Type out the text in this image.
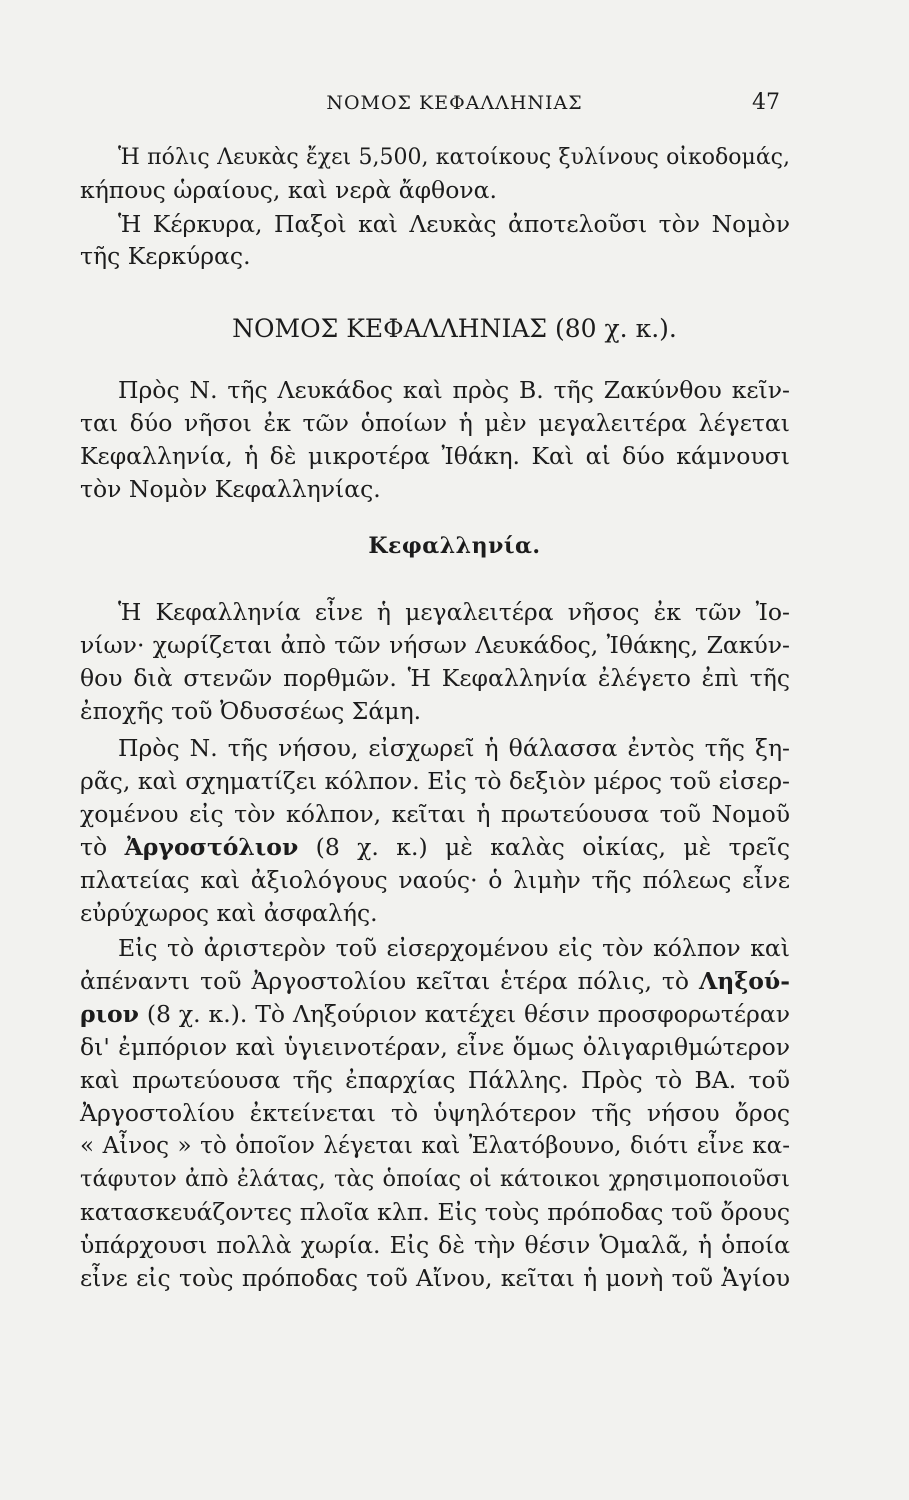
ΝΟΜΟΣ ΚΕΦΑΛΛΗΝΙΑΣ	47
Ἡ πόλις Λευκὰς ἔχει 5,500, κατοίκους ξυλίνους οἰκοδομάς,
κήπους ὡραίους, καὶ νερὰ ἄφθονα.
Ἡ Κέρκυρα, Παξοὶ καὶ Λευκὰς ἀποτελοῦσι τὸν Νομὸν
τῆς Κερκύρας.
ΝΟΜΟΣ ΚΕΦΑΛΛΗΝΙΑΣ (80 χ. κ.).
Πρὸς Ν. τῆς Λευκάδος καὶ πρὸς Β. τῆς Ζακύνθου κεῖν-
ται δύο νῆσοι ἐκ τῶν ὁποίων ἡ μὲν μεγαλειτέρα λέγεται
Κεφαλληνία, ἡ δὲ μικροτέρα Ἰθάκη. Καὶ αἱ δύο κάμνουσι
τὸν Νομὸν Κεφαλληνίας.
Κεφαλληνία.
Ἡ Κεφαλληνία εἶνε ἡ μεγαλειτέρα νῆσος ἐκ τῶν Ἰο-
νίων· χωρίζεται ἀπὸ τῶν νήσων Λευκάδος, Ἰθάκης, Ζακύν-
θου διὰ στενῶν πορθμῶν. Ἡ Κεφαλληνία ἐλέγετο ἐπὶ τῆς
ἐποχῆς τοῦ Ὀδυσσέως Σάμη.
Πρὸς Ν. τῆς νήσου, εἰσχωρεῖ ἡ θάλασσα ἐντὸς τῆς ξη-
ρᾶς, καὶ σχηματίζει κόλπον. Εἰς τὸ δεξιὸν μέρος τοῦ εἰσερ-
χομένου εἰς τὸν κόλπον, κεῖται ἡ πρωτεύουσα τοῦ Νομοῦ
τὸ Ἀργοστόλιον (8 χ. κ.) μὲ καλὰς οἰκίας, μὲ τρεῖς
πλατείας καὶ ἀξιολόγους ναούς· ὁ λιμὴν τῆς πόλεως εἶνε
εὐρύχωρος καὶ ἀσφαλής.
Εἰς τὸ ἀριστερὸν τοῦ εἰσερχομένου εἰς τὸν κόλπον καὶ
ἀπέναντι τοῦ Ἀργοστολίου κεῖται ἑτέρα πόλις, τὸ Ληξού-
ριον (8 χ. κ.). Τὸ Ληξούριον κατέχει θέσιν προσφορωτέραν
δι' ἐμπόριον καὶ ὑγιεινοτέραν, εἶνε ὅμως ὀλιγαριθμώτερον
καὶ πρωτεύουσα τῆς ἐπαρχίας Πάλλης. Πρὸς τὸ ΒΑ. τοῦ
Ἀργοστολίου ἐκτείνεται τὸ ὑψηλότερον τῆς νήσου ὄρος
« Αἶνος » τὸ ὁποῖον λέγεται καὶ Ἐλατόβουνο, διότι εἶνε κα-
τάφυτον ἀπὸ ἐλάτας, τὰς ὁποίας οἱ κάτοικοι χρησιμοποιοῦσι
κατασκευάζοντες πλοῖα κλπ. Εἰς τοὺς πρόποδας τοῦ ὄρους
ὑπάρχουσι πολλὰ χωρία. Εἰς δὲ τὴν θέσιν Ὁμαλᾶ, ἡ ὁποία
εἶνε εἰς τοὺς πρόποδας τοῦ Αἴνου, κεῖται ἡ μονὴ τοῦ Ἁγίου
